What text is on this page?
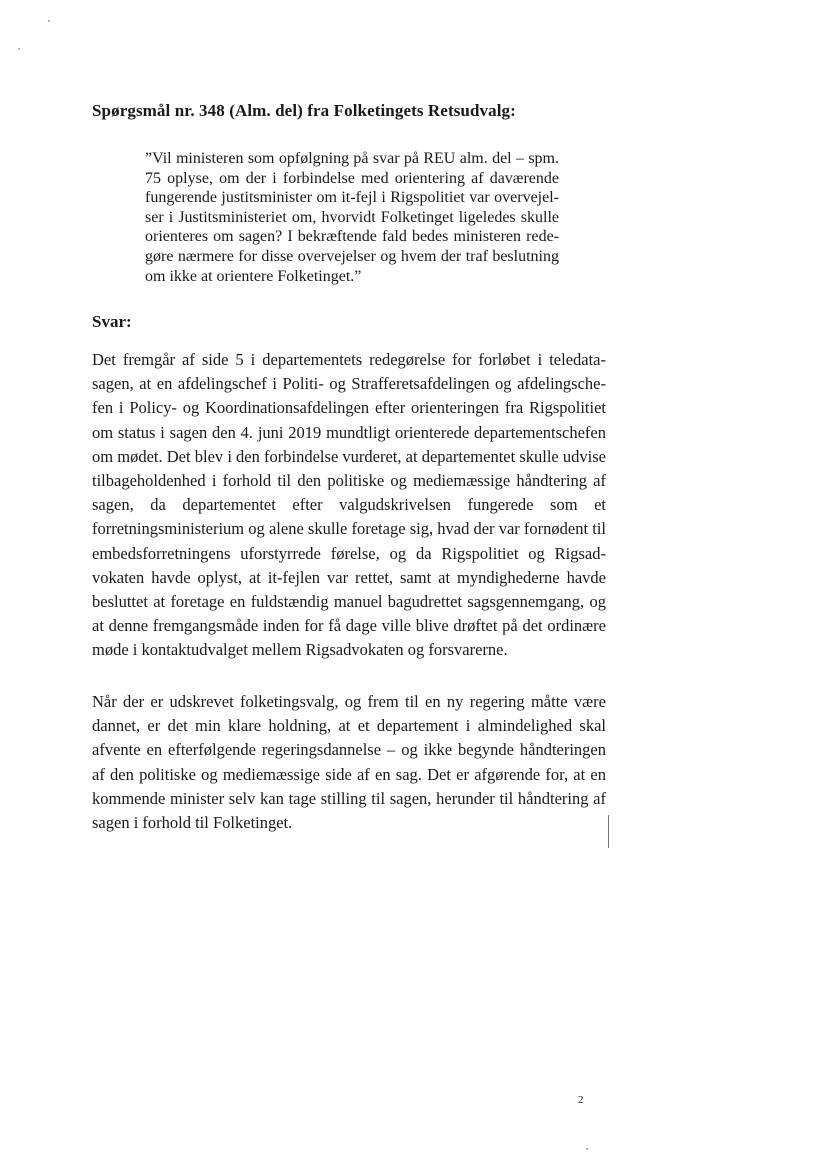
Spørgsmål nr. 348 (Alm. del) fra Folketingets Retsudvalg:
”Vil ministeren som opfølgning på svar på REU alm. del – spm. 75 oplyse, om der i forbindelse med orientering af daværende fungerende justitsminister om it-fejl i Rigspolitiet var overvejelser i Justitsministeriet om, hvorvidt Folketinget ligeledes skulle orienteres om sagen? I bekræftende fald bedes ministeren redegøre nærmere for disse overvejelser og hvem der traf beslutning om ikke at orientere Folketinget.”
Svar:
Det fremgår af side 5 i departementets redegørelse for forløbet i teledatasagen, at en afdelingschef i Politi- og Strafferetsafdelingen og afdelingschefen i Policy- og Koordinationsafdelingen efter orienteringen fra Rigspolitiet om status i sagen den 4. juni 2019 mundtligt orienterede departementschefen om mødet. Det blev i den forbindelse vurderet, at departementet skulle udvise tilbageholdenhed i forhold til den politiske og mediemæssige håndtering af sagen, da departementet efter valgudskrivelsen fungerede som et forretningsministerium og alene skulle foretage sig, hvad der var fornødent til embedsforretningens uforstyrrede førelse, og da Rigspolitiet og Rigsadvokaten havde oplyst, at it-fejlen var rettet, samt at myndighederne havde besluttet at foretage en fuldstændig manuel bagudrettet sagsgennemgang, og at denne fremgangsmåde inden for få dage ville blive drøftet på det ordinære møde i kontaktudvalget mellem Rigsadvokaten og forsvarerne.
Når der er udskrevet folketingsvalg, og frem til en ny regering måtte være dannet, er det min klare holdning, at et departement i almindelighed skal afvente en efterfølgende regeringsdannelse – og ikke begynde håndteringen af den politiske og mediemæssige side af en sag. Det er afgørende for, at en kommende minister selv kan tage stilling til sagen, herunder til håndtering af sagen i forhold til Folketinget.
2
